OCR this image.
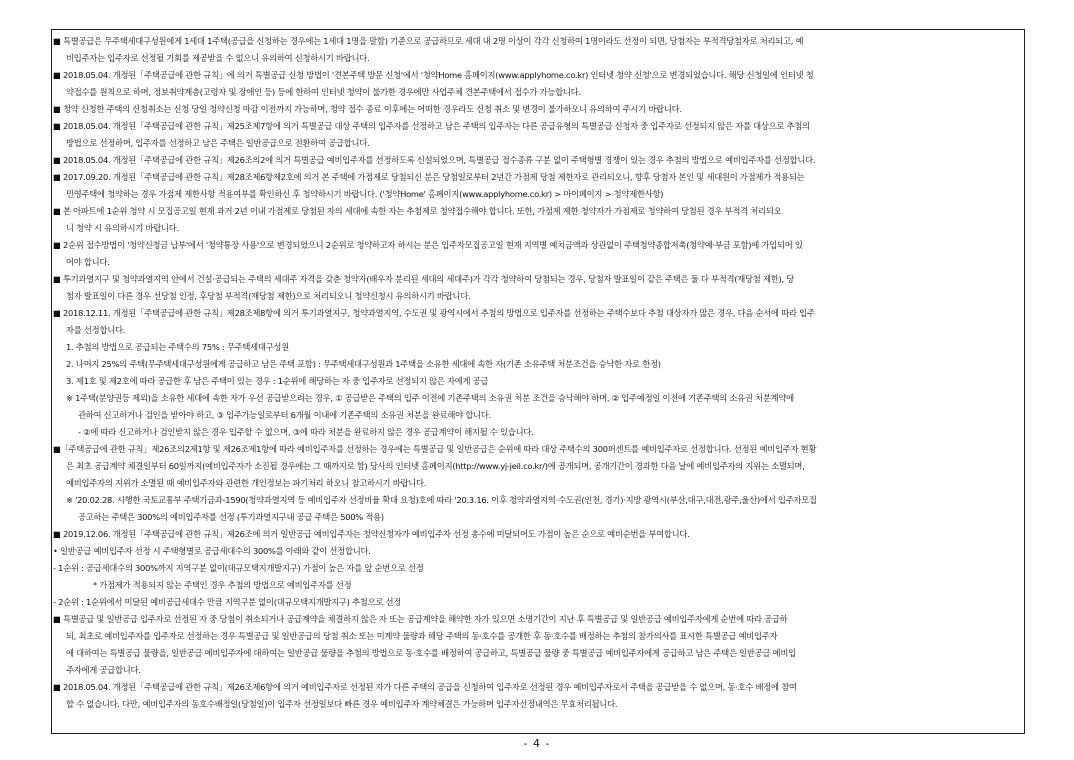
■ 특별공급은 무주택세대구성원에게 1세대 1주택(공급을 신청하는 경우에는 1세대 1명을 말함) 기준으로 공급하므로 세대 내 2명 이상이 각각 신청하여 1명이라도 선정이 되면, 당첨자는 부적격당첨자로 처리되고, 예
비입주자는 입주자로 선정될 기회를 제공받을 수 없으니 유의하여 신청하시기 바랍니다.
■ 2018.05.04. 개정된「주택공급에 관한 규칙」에 의거 특별공급 신청 방법이 '견본주택 방문 신청'에서 '청약Home 홈페이지(www.applyhome.co.kr) 인터넷 청약 신청'으로 변경되었습니다. 해당 신청일에 인터넷 청
약접수를 원칙으로 하며, 정보취약계층(고령자 및 장애인 등) 등에 한하여 인터넷 청약이 불가한 경우에만 사업주체 견본주택에서 접수가 가능합니다.
■ 청약 신청한 주택의 신청취소는 신청 당일 청약신청 마감 이전까지 가능하며, 청약 접수 종료 이후에는 어떠한 경우라도 신청 취소 및 변경이 불가하오니 유의하여 주시기 바랍니다.
■ 2018.05.04. 개정된「주택공급에 관한 규칙」제25조제7항에 의거 특별공급 대상 주택의 입주자를 선정하고 남은 주택의 입주자는 다른 공급유형의 특별공급 신청자 중 입주자로 선정되지 않은 자를 대상으로 추첨의
방법으로 선정하며, 입주자를 선정하고 남은 주택은 일반공급으로 전환하여 공급합니다.
■ 2018.05.04. 개정된「주택공급에 관한 규칙」제26조의2에 의거 특별공급 예비입주자를 선정하도록 신설되었으며, 특별공급 접수종류 구분 없이 주택형별 경쟁이 있는 경우 추첨의 방법으로 예비입주자를 선정합니다.
■ 2017.09.20. 개정된「주택공급에 관한 규칙」제28조제6항제2호에 의거 본 주택에 가점제로 당첨되신 분은 당첨일로부터 2년간 가점제 당첨 제한자로 관리되오니, 향후 당첨자 본인 및 세대원이 가점제가 적용되는
민영주택에 청약하는 경우 가점제 제한사항 적용여부를 확인하신 후 청약하시기 바랍니다. ('청약Home' 홈페이지(www.applyhome.co.kr) > 마이페이지 > 청약제한사항)
■ 본 아파트에 1순위 청약 시 모집공고일 현재 과거 2년 이내 가점제로 당첨된 자의 세대에 속한 자는 추첨제로 청약접수해야 합니다. 또한, 가점제 제한 청약자가 가점제로 청약하여 당첨된 경우 부적격 처리되오
니 청약 시 유의하시기 바랍니다.
■ 2순위 접수방법이 '청약신청금 납부'에서 '청약통장 사용'으로 변경되었으니 2순위로 청약하고자 하시는 분은 입주자모집공고일 현재 지역별 예치금액과 상관없이 주택청약종합저축(청약예·부금 포함)에 가입되어 있
어야 합니다.
■ 투기과열지구 및 청약과열지역 안에서 건설·공급되는 주택의 세대주 자격을 갖춘 청약자(배우자 분리된 세대의 세대주)가 각각 청약하여 당첨되는 경우, 당첨자 발표일이 같은 주택은 둘 다 부적격(재당첨 제한), 당
첨자 발표일이 다른 경우 선당첨 인정, 후당첨 부적격(재당첨 제한)으로 처리되오니 청약신청시 유의하시기 바랍니다.
■ 2018.12.11. 개정된「주택공급에 관한 규칙」제28조제8항에 의거 투기과열지구, 청약과열지역, 수도권 및 광역시에서 추첨의 방법으로 입주자를 선정하는 주택수보다 추첨 대상자가 많은 경우, 다음 순서에 따라 입주
자를 선정합니다.
1. 추첨의 방법으로 공급되는 주택수의 75% : 무주택세대구성원
2. 나머지 25%의 주택(무주택세대구성원에게 공급하고 남은 주택 포함) : 무주택세대구성원과 1주택을 소유한 세대에 속한 자(기존 소유주택 처분조건을 승낙한 자로 한정)
3. 제1호 및 제2호에 따라 공급한 후 남은 주택이 있는 경우 : 1순위에 해당하는 자 중 입주자로 선정되지 않은 자에게 공급
※ 1주택(분양권등 제외)을 소유한 세대에 속한 자가 우선 공급받으려는 경우, ① 공급받은 주택의 입주 이전에 기존주택의 소유권 처분 조건을 승낙해야 하며, ② 입주예정일 이전에 기존주택의 소유권 처분계약에
관하여 신고하거나 검인을 받아야 하고, ③ 입주가능일로부터 6개월 이내에 기존주택의 소유권 처분을 완료해야 합니다.
- ②에 따라 신고하거나 검인받지 않은 경우 입주할 수 없으며, ③에 따라 처분을 완료하지 않은 경우 공급계약이 해지될 수 있습니다.
■「주택공급에 관한 규칙」제26조의2제1항 및 제26조제1항에 따라 예비입주자를 선정하는 경우에는 특별공급 및 일반공급은 순위에 따라 대상 주택수의 300퍼센트를 예비입주자로 선정합니다. 선정된 예비입주자 현황
은 최초 공급계약 체결일부터 60일까지(예비입주자가 소진될 경우에는 그 때까지로 함) 당사의 인터넷 홈페이지(http://www.yj-jeil.co.kr/)에 공개되며, 공개기간이 경과한 다음 날에 예비입주자의 지위는 소멸되며,
예비입주자의 지위가 소멸된 때 예비입주자와 관련한 개인정보는 파기처리 하오니 참고하시기 바랍니다.
※ '20.02.28. 시행한 국토교통부 주택기금과-1590(청약과열지역 등 예비입주자 선정비율 확대 요청)호에 따라 '20.3.16. 이후 청약과열지역·수도권(인천, 경기)·지방 광역시(부산,대구,대전,광주,울산)에서 입주자모집
공고하는 주택은 300%의 예비입주자를 선정 (투기과열지구내 공급 주택은 500% 적용)
■ 2019.12.06. 개정된「주택공급에 관한 규칙」제26조에 의거 일반공급 예비입주자는 청약신청자가 예비입주자 선정 총수에 미달되어도 가점이 높은 순으로 예비순번을 부여합니다.
• 일반공급 예비입주자 선정 시 주택형별로 공급세대수의 300%를 아래와 같이 선정합니다.
- 1순위 : 공급세대수의 300%까지 지역구분 없이(대규모택지개발지구) 가점이 높은 자를 앞 순번으로 선정
* 가점제가 적용되지 않는 주택인 경우 추첨의 방법으로 예비입주자를 선정
- 2순위 : 1순위에서 미달된 예비공급세대수 만큼 지역구분 없이(대규모택지개발지구) 추첨으로 선정
■ 특별공급 및 일반공급 입주자로 선정된 자 중 당첨이 취소되거나 공급계약을 체결하지 않은 자 또는 공급계약을 해약한 자가 있으면 소명기간이 지난 후 특별공급 및 일반공급 예비입주자에게 순번에 따라 공급하
되, 최초로 예비입주자를 입주자로 선정하는 경우 특별공급 및 일반공급의 당첨 취소 또는 미계약 물량과 해당 주택의 동·호수를 공개한 후 동·호수를 배정하는 추첨의 참가의사를 표시한 특별공급 예비입주자
에 대하여는 특별공급 물량을, 일반공급 예비입주자에 대하여는 일반공급 물량을 추첨의 방법으로 동·호수를 배정하여 공급하고, 특별공급 물량 중 특별공급 예비입주자에게 공급하고 남은 주택은 일반공급 예비입
주자에게 공급합니다.
■ 2018.05.04. 개정된「주택공급에 관한 규칙」제26조제6항에 의거 예비입주자로 선정된 자가 다른 주택의 공급을 신청하여 입주자로 선정된 경우 예비입주자로서 주택을 공급받을 수 없으며, 동·호수 배정에 참여
할 수 없습니다. 다만, 예비입주자의 동호수배정일(당첨일)이 입주자 선정일보다 빠른 경우 예비입주자 계약체결은 가능하며 입주자선정내역은 무효처리됩니다.
- 4 -
